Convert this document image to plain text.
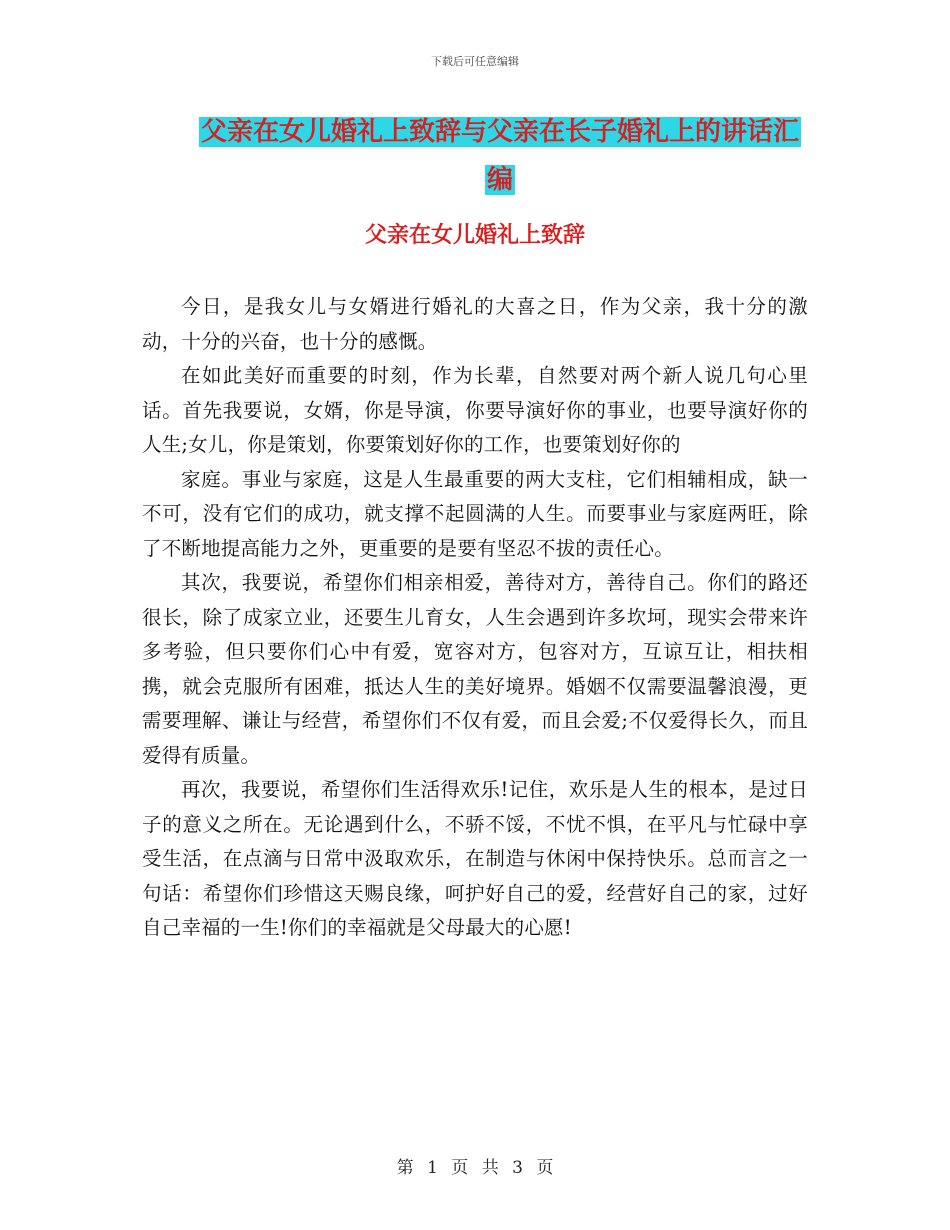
下载后可任意编辑
父亲在女儿婚礼上致辞与父亲在长子婚礼上的讲话汇
编
父亲在女儿婚礼上致辞

今日，是我女儿与女婿进行婚礼的大喜之日，作为父亲，我十分的激动，十分的兴奋，也十分的感慨。

在如此美好而重要的时刻，作为长辈，自然要对两个新人说几句心里话。首先我要说，女婿，你是导演，你要导演好你的事业，也要导演好你的人生;女儿，你是策划，你要策划好你的工作，也要策划好你的

家庭。事业与家庭，这是人生最重要的两大支柱，它们相辅相成，缺一不可，没有它们的成功，就支撑不起圆满的人生。而要事业与家庭两旺，除了不断地提高能力之外，更重要的是要有坚忍不拔的责任心。

其次，我要说，希望你们相亲相爱，善待对方，善待自己。你们的路还很长，除了成家立业，还要生儿育女，人生会遇到许多坎坷，现实会带来许多考验，但只要你们心中有爱，宽容对方，包容对方，互谅互让，相扶相携，就会克服所有困难，抵达人生的美好境界。婚姻不仅需要温馨浪漫，更需要理解、谦让与经营，希望你们不仅有爱，而且会爱;不仅爱得长久，而且爱得有质量。

再次，我要说，希望你们生活得欢乐!记住，欢乐是人生的根本，是过日子的意义之所在。无论遇到什么，不骄不馁，不忧不惧，在平凡与忙碌中享受生活，在点滴与日常中汲取欢乐，在制造与休闲中保持快乐。总而言之一句话：希望你们珍惜这天赐良缘，呵护好自己的爱，经营好自己的家，过好自己幸福的一生!你们的幸福就是父母最大的心愿!

第 1 页 共 3 页
